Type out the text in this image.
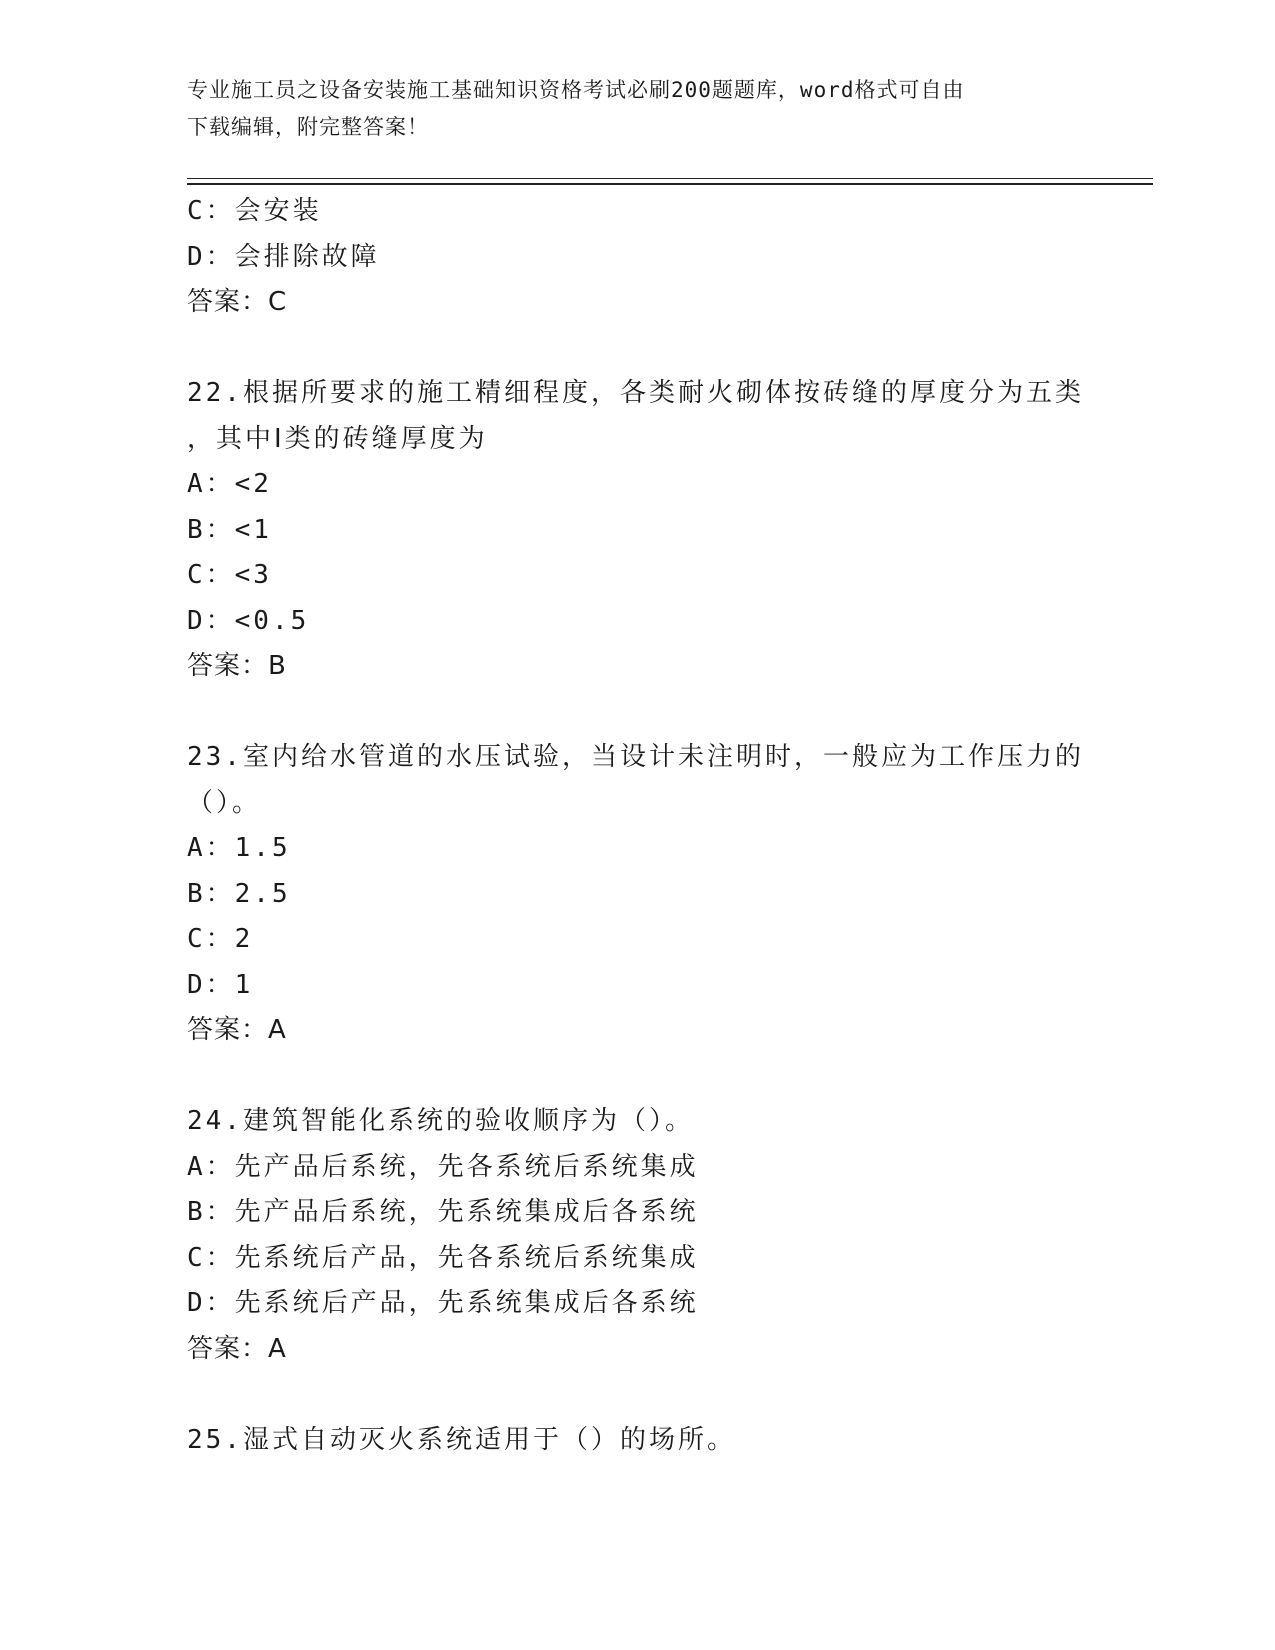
专业施工员之设备安装施工基础知识资格考试必刷200题题库，word格式可自由
下载编辑，附完整答案！
C：会安装
D：会排除故障
答案：C
22.根据所要求的施工精细程度，各类耐火砌体按砖缝的厚度分为五类
，其中Ⅰ类的砖缝厚度为
A：<2
B：<1
C：<3
D：<0.5
答案：B
23.室内给水管道的水压试验，当设计未注明时，一般应为工作压力的
（）。
A：1.5
B：2.5
C：2
D：1
答案：A
24.建筑智能化系统的验收顺序为（）。
A：先产品后系统，先各系统后系统集成
B：先产品后系统，先系统集成后各系统
C：先系统后产品，先各系统后系统集成
D：先系统后产品，先系统集成后各系统
答案：A
25.湿式自动灭火系统适用于（）的场所。
